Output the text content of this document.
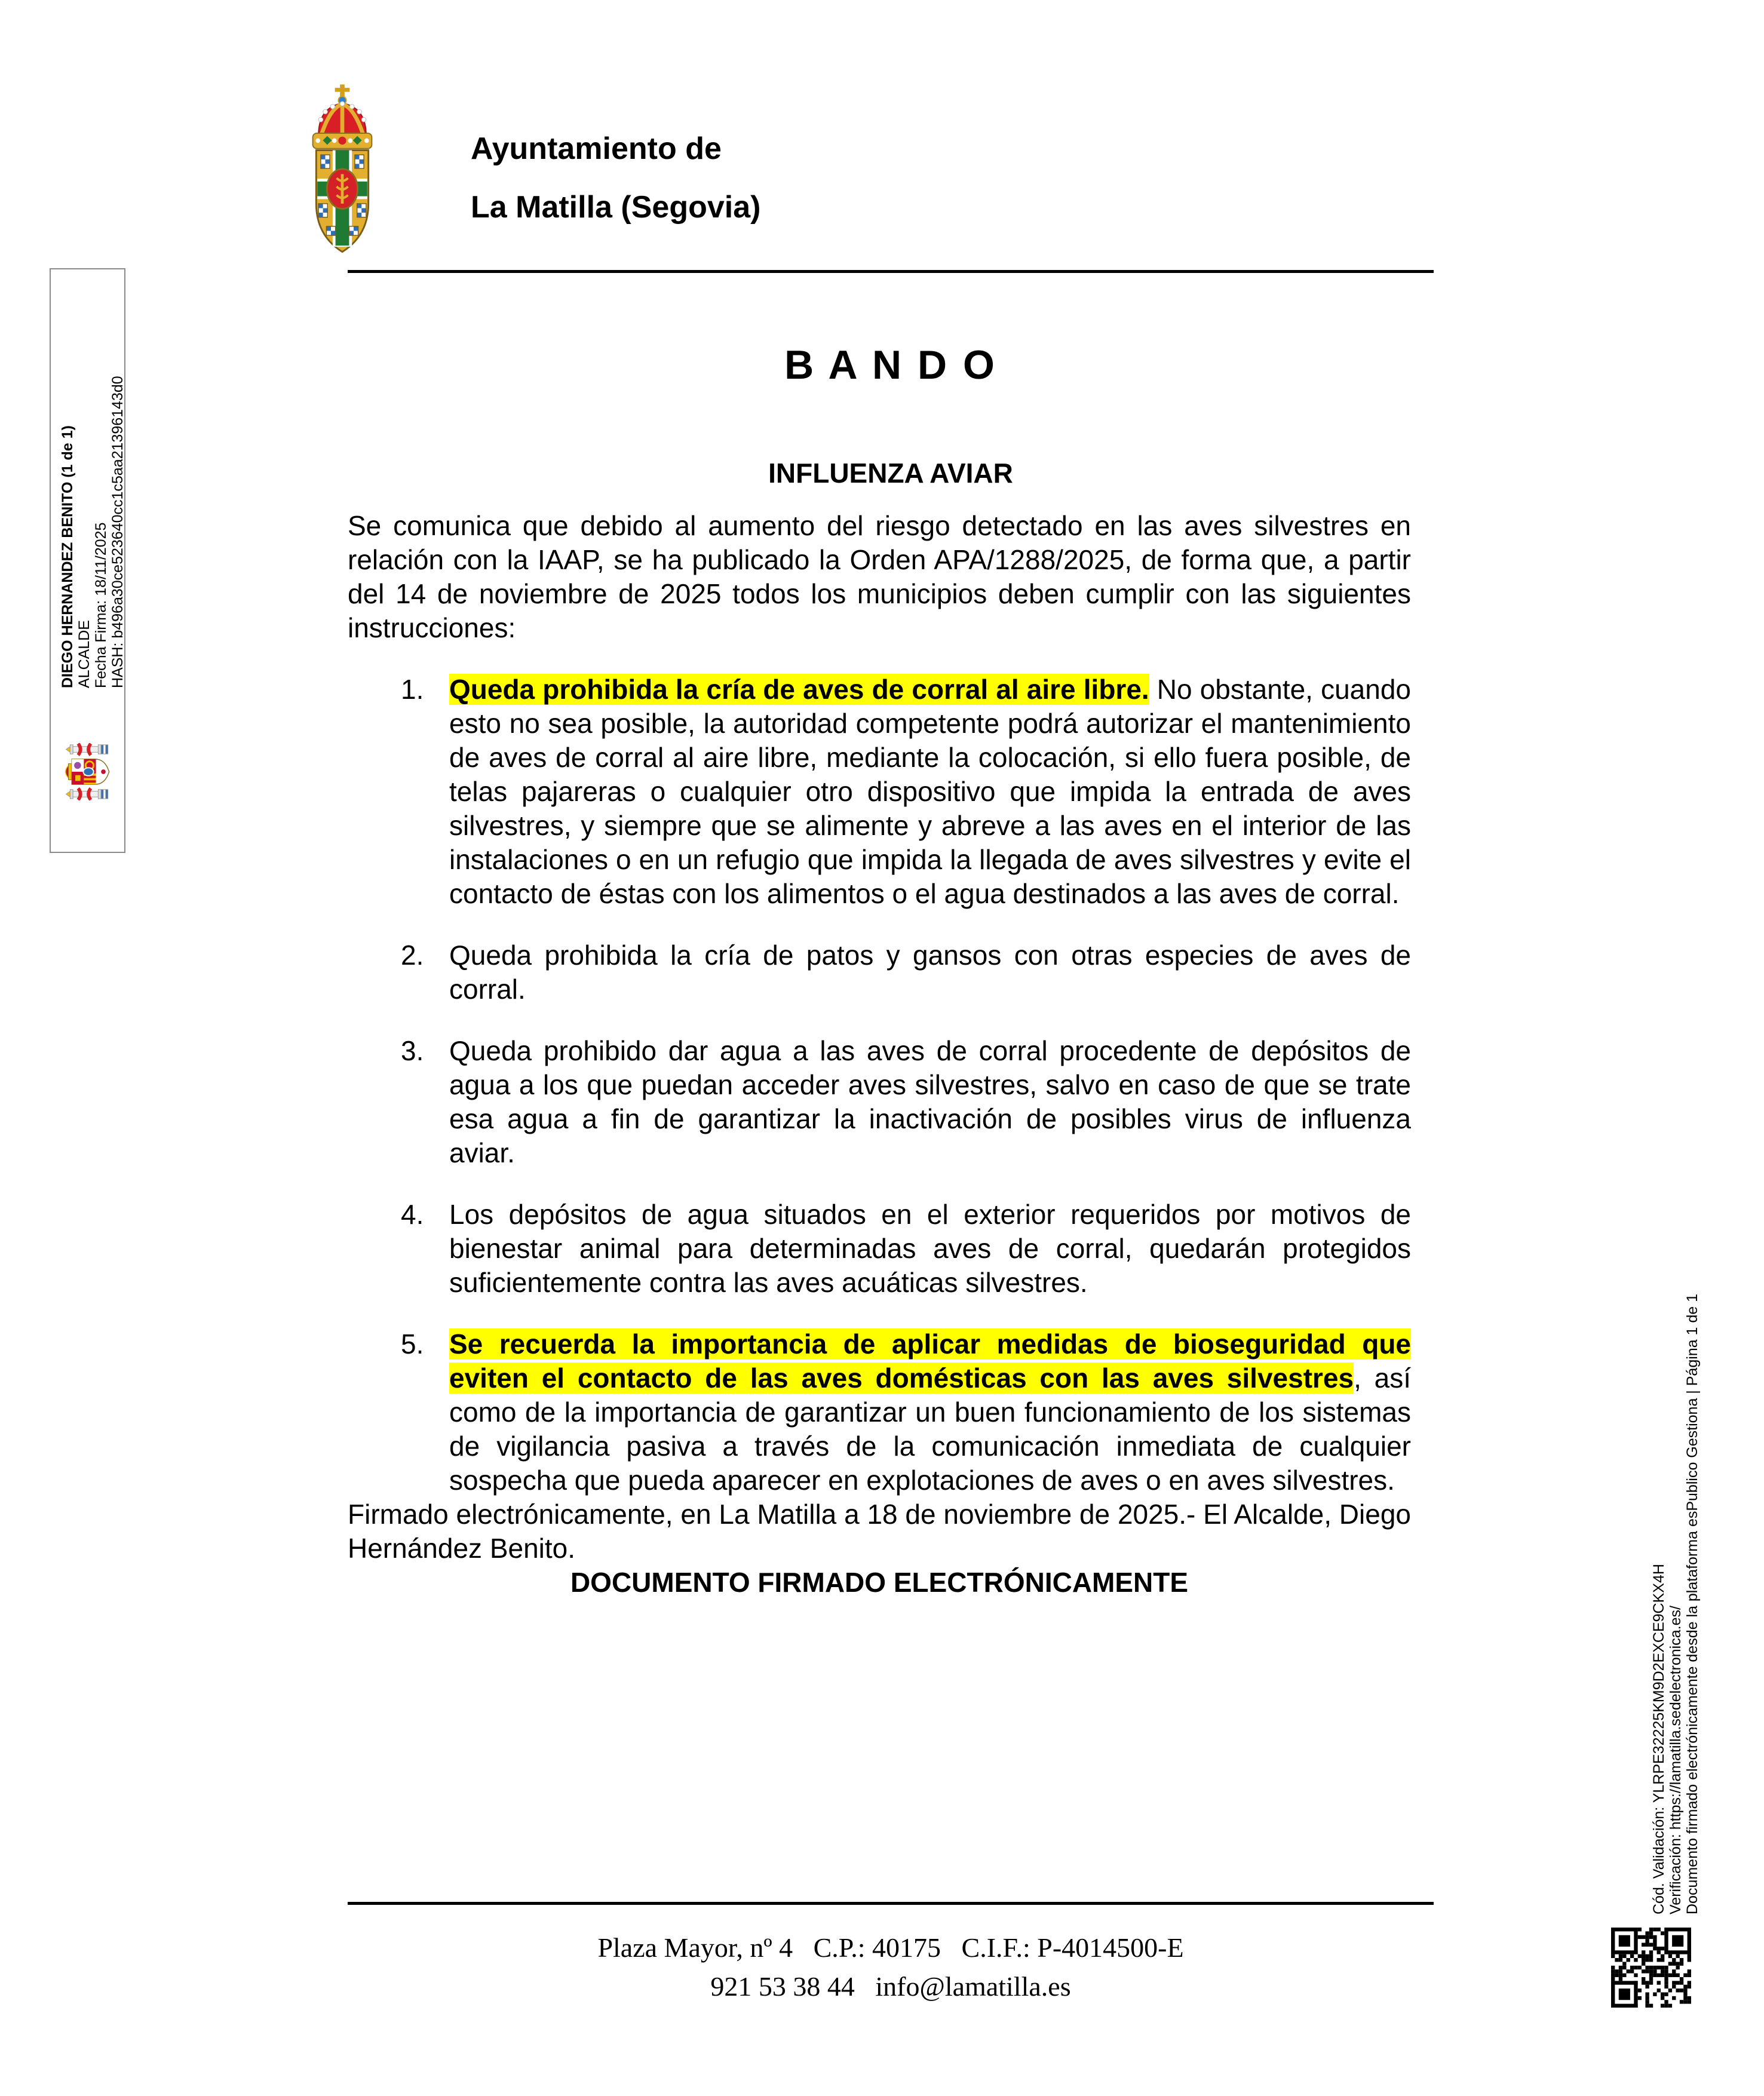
Ayuntamiento de
La Matilla (Segovia)
DIEGO HERNANDEZ BENITO (1 de 1) ALCALDE Fecha Firma: 18/11/2025 HASH: b496a30ce523640cc1c5aa21396143d0
B A N D O
INFLUENZA AVIAR

Se comunica que debido al aumento del riesgo detectado en las aves silvestres en relación con la IAAP, se ha publicado la Orden APA/1288/2025, de forma que, a partir del 14 de noviembre de 2025 todos los municipios deben cumplir con las siguientes instrucciones:

1. Queda prohibida la cría de aves de corral al aire libre. No obstante, cuando esto no sea posible, la autoridad competente podrá autorizar el mantenimiento de aves de corral al aire libre, mediante la colocación, si ello fuera posible, de telas pajareras o cualquier otro dispositivo que impida la entrada de aves silvestres, y siempre que se alimente y abreve a las aves en el interior de las instalaciones o en un refugio que impida la llegada de aves silvestres y evite el contacto de éstas con los alimentos o el agua destinados a las aves de corral.
2. Queda prohibida la cría de patos y gansos con otras especies de aves de corral.
3. Queda prohibido dar agua a las aves de corral procedente de depósitos de agua a los que puedan acceder aves silvestres, salvo en caso de que se trate esa agua a fin de garantizar la inactivación de posibles virus de influenza aviar.
4. Los depósitos de agua situados en el exterior requeridos por motivos de bienestar animal para determinadas aves de corral, quedarán protegidos suficientemente contra las aves acuáticas silvestres.
5. Se recuerda la importancia de aplicar medidas de bioseguridad que eviten el contacto de las aves domésticas con las aves silvestres, así como de la importancia de garantizar un buen funcionamiento de los sistemas de vigilancia pasiva a través de la comunicación inmediata de cualquier sospecha que pueda aparecer en explotaciones de aves o en aves silvestres.

Firmado electrónicamente, en La Matilla a 18 de noviembre de 2025.- El Alcalde, Diego Hernández Benito.

DOCUMENTO FIRMADO ELECTRÓNICAMENTE

Plaza Mayor, nº 4  C.P.: 40175  C.I.F.: P-4014500-E
921 53 38 44  info@lamatilla.es
Cód. Validación: YLRPE32225KM9D2EXCE9CKX4H Verificación: https://lamatilla.sedelectronica.es/ Documento firmado electrónicamente desde la plataforma esPublico Gestiona | Página 1 de 1
